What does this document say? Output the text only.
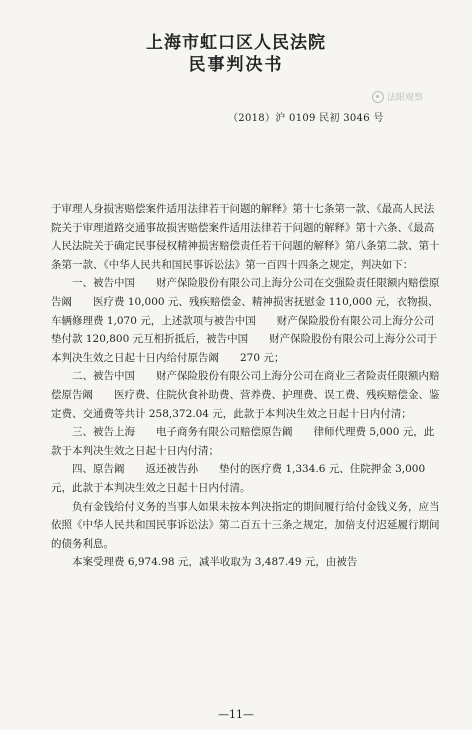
上海市虹口区人民法院
民事判决书
法眼观察
（2018）沪 0109 民初 3046 号

于审理人身损害赔偿案件适用法律若干问题的解释》第十七条第一款、《最高人民法院关于审理道路交通事故损害赔偿案件适用法律若干问题的解释》第十六条、《最高人民法院关于确定民事侵权精神损害赔偿责任若干问题的解释》第八条第二款、第十条第一款、《中华人民共和国民事诉讼法》第一百四十四条之规定，判决如下：

一、被告中国　　财产保险股份有限公司上海分公司在交强险责任限额内赔偿原告阚　　医疗费 10,000 元、残疾赔偿金、精神损害抚慰金 110,000 元，衣物损、车辆修理费 1,070 元，上述款项与被告中国　　财产保险股份有限公司上海分公司垫付款 120,800 元互相折抵后，被告中国　　财产保险股份有限公司上海分公司于本判决生效之日起十日内给付原告阚　　270 元；

二、被告中国　　财产保险股份有限公司上海分公司在商业三者险责任限额内赔偿原告阚　　医疗费、住院伙食补助费、营养费、护理费、误工费、残疾赔偿金、鉴定费、交通费等共计 258,372.04 元，此款于本判决生效之日起十日内付清；

三、被告上海　　电子商务有限公司赔偿原告阚　　律师代理费 5,000 元，此款于本判决生效之日起十日内付清；

四、原告阚　　返还被告孙　　垫付的医疗费 1,334.6 元、住院押金 3,000 元，此款于本判决生效之日起十日内付清。

负有金钱给付义务的当事人如果未按本判决指定的期间履行给付金钱义务，应当依照《中华人民共和国民事诉讼法》第二百五十三条之规定，加倍支付迟延履行期间的债务利息。

本案受理费 6,974.98 元，减半收取为 3,487.49 元，由被告

—11—
